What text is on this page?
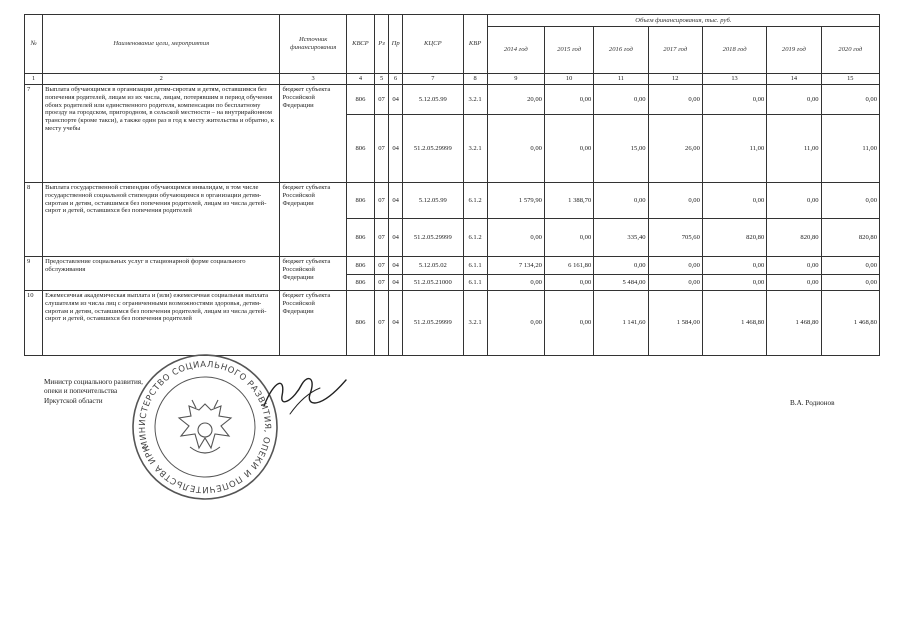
№	Наименование цели, мероприятия	Источник финансирования	КВСР	Рз	Пр	КЦСР	КВР	Объем финансирования, тыс. руб.						
								2014 год	2015 год	2016 год	2017 год	2018 год	2019 год	2020 год
1	2	3	4	5	6	7	8	9	10	11	12	13	14	15
7	Выплата обучающимся в организации детям-сиротам и детям, оставшимся без попечения родителей, лицам из их числа, лицам, потерявшим в период обучения обоих родителей или единственного родителя, компенсации по бесплатному проезду на городском, пригородном, в сельской местности – на внутрирайонном транспорте (кроме такси), а также один раз в год к месту жительства и обратно, к месту учебы	бюджет субъекта Российской Федерации	806	07	04	5.12.05.99	3.2.1	20,00	0,00	0,00	0,00	0,00	0,00	0,00
			806	07	04	51.2.05.29999	3.2.1	0,00	0,00	15,00	26,00	11,00	11,00	11,00
8	Выплата государственной стипендии обучающимся инвалидам, в том числе государственной социальной стипендии обучающимся в организации детям-сиротам и детям, оставшимся без попечения родителей, лицам из числа детей-сирот и детей, оставшихся без попечения родителей	бюджет субъекта Российской Федерации	806	07	04	5.12.05.99	6.1.2	1 579,90	1 388,70	0,00	0,00	0,00	0,00	0,00
			806	07	04	51.2.05.29999	6.1.2	0,00	0,00	335,40	705,60	820,80	820,80	820,80
9	Предоставление социальных услуг в стационарной форме социального обслуживания	бюджет субъекта Российской Федерации	806	07	04	5.12.05.02	6.1.1	7 134,20	6 161,80	0,00	0,00	0,00	0,00	0,00
			806	07	04	51.2.05.21000	6.1.1	0,00	0,00	5 484,00	0,00	0,00	0,00	0,00
10	Ежемесячная академическая выплата и (или) ежемесячная социальная выплата слушателям из числа лиц с ограниченными возможностями здоровья, детям-сиротам и детям, оставшимся без попечения родителей, лицам из числа детей-сирот и детей, оставшихся без попечения родителей	бюджет субъекта Российской Федерации	806	07	04	51.2.05.29999	3.2.1	0,00	0,00	1 141,60	1 584,00	1 468,80	1 468,80	1 468,80
Министр социального развития,
опеки и попечительства
Иркутской области	В.А. Родионов
МИНИСТЕРСТВО СОЦИАЛЬНОГО РАЗВИТИЯ, ОПЕКИ И ПОПЕЧИТЕЛЬСТВА ИРКУТСКОЙ
